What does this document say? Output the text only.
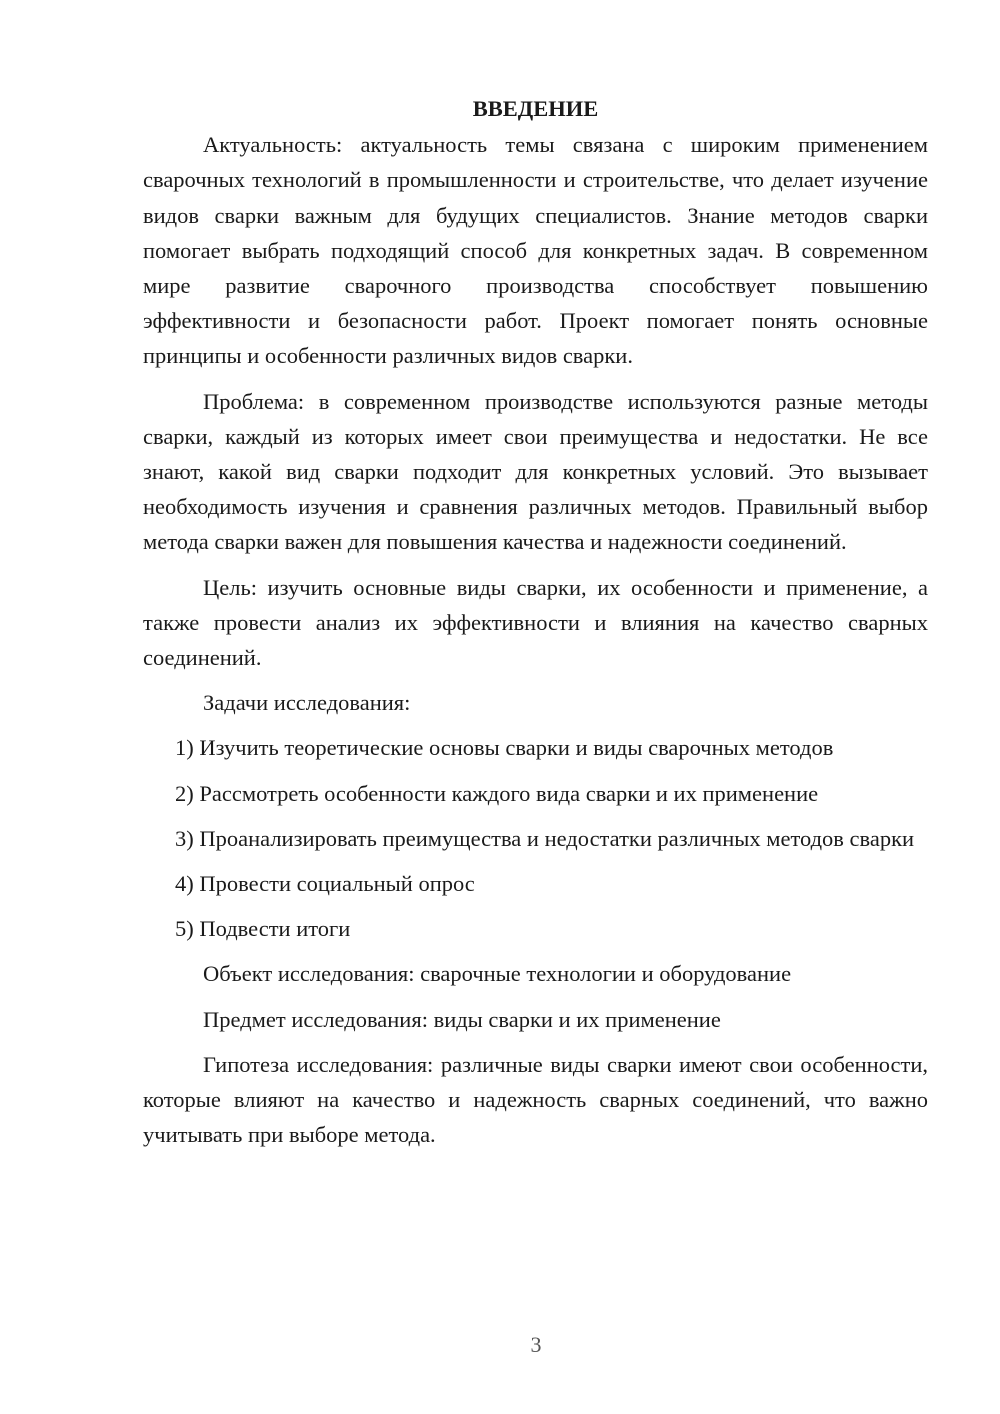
ВВЕДЕНИЕ

Актуальность: актуальность темы связана с широким применением сварочных технологий в промышленности и строительстве, что делает изучение видов сварки важным для будущих специалистов. Знание методов сварки помогает выбрать подходящий способ для конкретных задач. В современном мире развитие сварочного производства способствует повышению эффективности и безопасности работ. Проект помогает понять основные принципы и особенности различных видов сварки.

Проблема: в современном производстве используются разные методы сварки, каждый из которых имеет свои преимущества и недостатки. Не все знают, какой вид сварки подходит для конкретных условий. Это вызывает необходимость изучения и сравнения различных методов. Правильный выбор метода сварки важен для повышения качества и надежности соединений.

Цель: изучить основные виды сварки, их особенности и применение, а также провести анализ их эффективности и влияния на качество сварных соединений.

Задачи исследования:

1) Изучить теоретические основы сварки и виды сварочных методов

2) Рассмотреть особенности каждого вида сварки и их применение

3) Проанализировать преимущества и недостатки различных методов сварки

4) Провести социальный опрос

5) Подвести итоги

Объект исследования: сварочные технологии и оборудование

Предмет исследования: виды сварки и их применение

Гипотеза исследования: различные виды сварки имеют свои особенности, которые влияют на качество и надежность сварных соединений, что важно учитывать при выборе метода.

3
